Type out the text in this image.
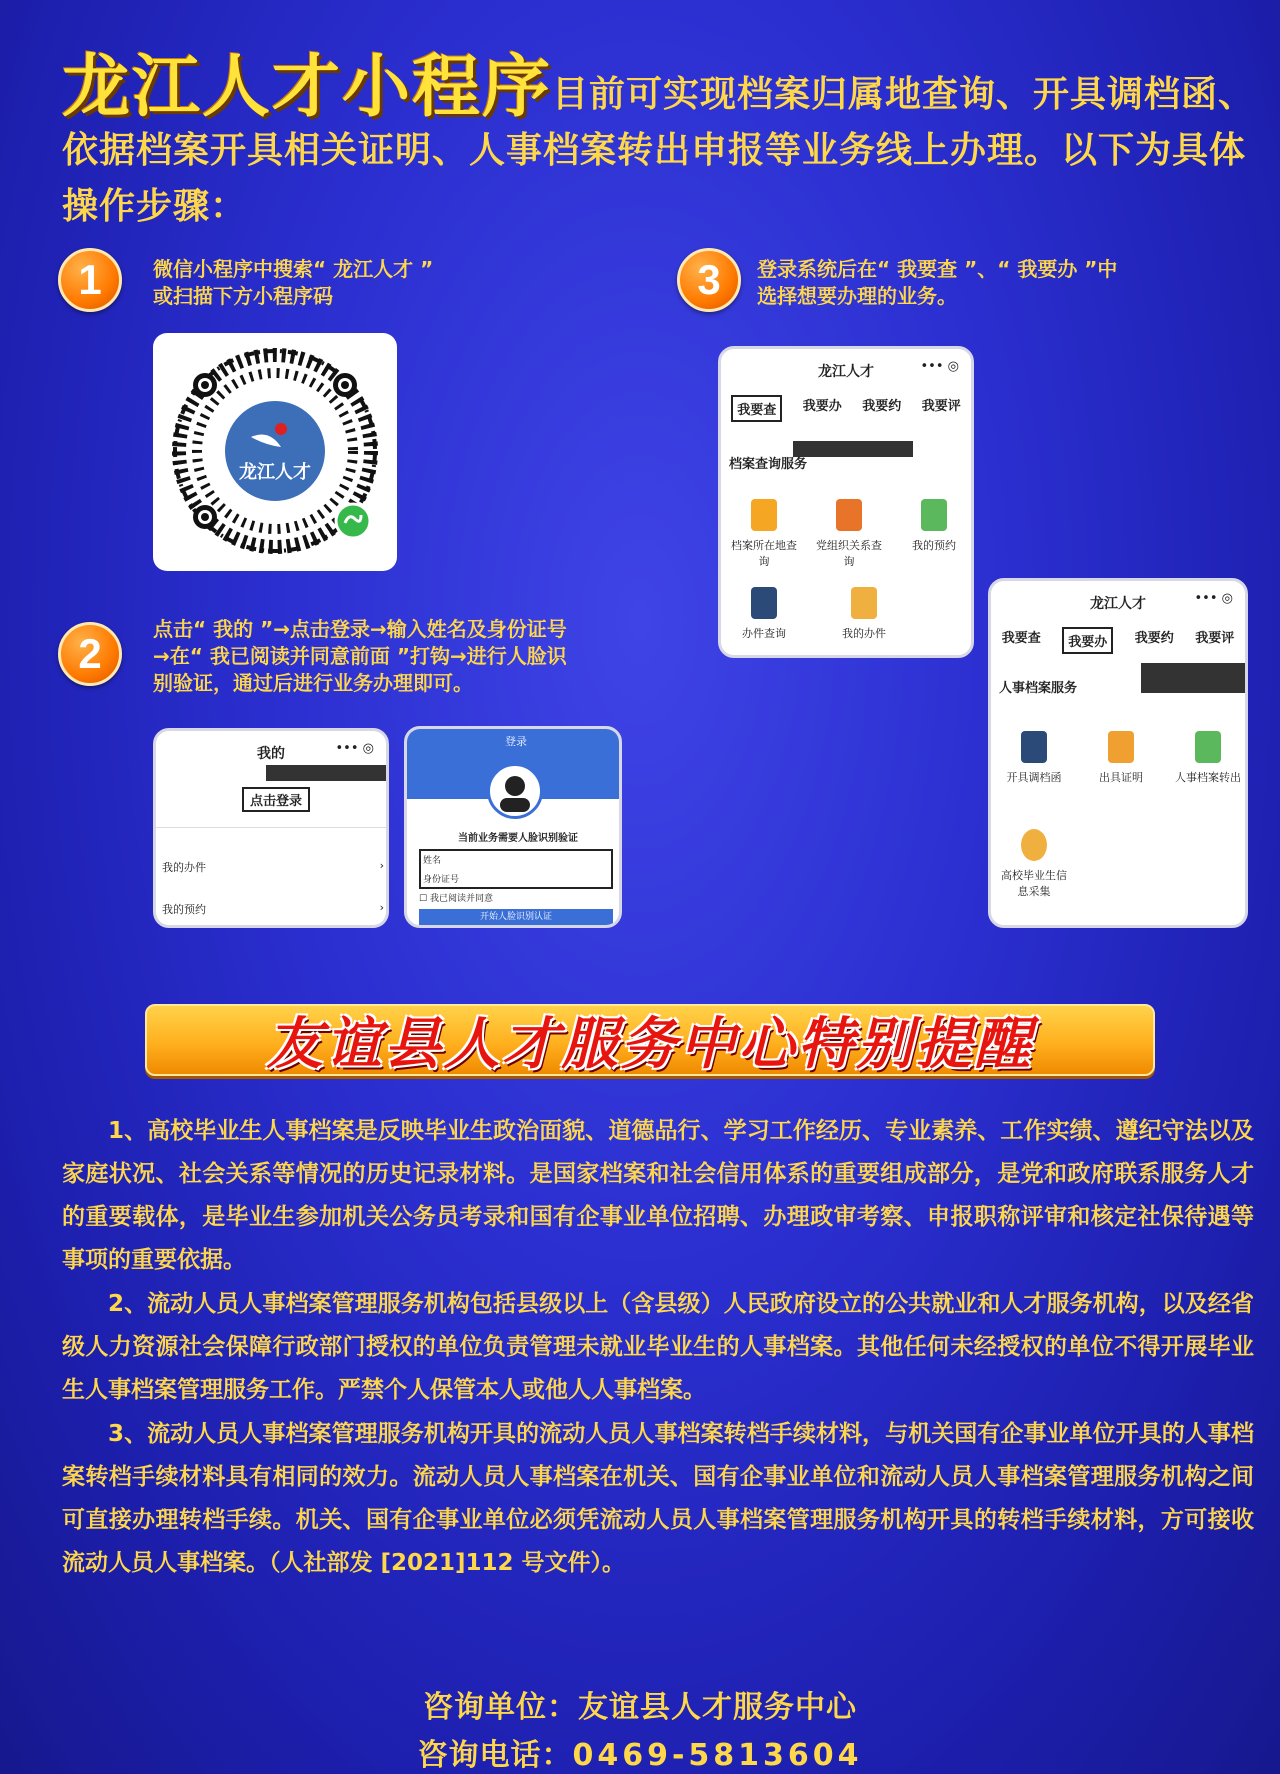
龙江人才小程序目前可实现档案归属地查询、开具调档函、依据档案开具相关证明、人事档案转出申报等业务线上办理。以下为具体操作步骤：
1	微信小程序中搜索“ 龙江人才 ”
或扫描下方小程序码
龙江人才
2
点击“ 我的 ”→点击登录→输入姓名及身份证号
→在“ 我已阅读并同意前面 ”打钩→进行人脸识
别验证，通过后进行业务办理即可。
我的	••• ◎
点击登录
我的办件	›
我的预约	›
登录
当前业务需要人脸识别验证
姓名
身份证号
☐ 我已阅读并同意
开始人脸识别认证
3	登录系统后在“ 我要查 ”、“ 我要办 ”中
选择想要办理的业务。
龙江人才	••• ◎
我要查	我要办 我要约 我要评
档案查询服务
档案所在地查询
党组织关系查询
我的预约
办件查询	我的办件
龙江人才	••• ◎
我要查	我要办	我要约 我要评
人事档案服务
开具调档函	出具证明	人事档案转出
高校毕业生信息采集
友谊县人才服务中心特别提醒

1、高校毕业生人事档案是反映毕业生政治面貌、道德品行、学习工作经历、专业素养、工作实绩、遵纪守法以及家庭状况、社会关系等情况的历史记录材料。是国家档案和社会信用体系的重要组成部分，是党和政府联系服务人才的重要载体，是毕业生参加机关公务员考录和国有企事业单位招聘、办理政审考察、申报职称评审和核定社保待遇等事项的重要依据。

2、流动人员人事档案管理服务机构包括县级以上（含县级）人民政府设立的公共就业和人才服务机构，以及经省级人力资源社会保障行政部门授权的单位负责管理未就业毕业生的人事档案。其他任何未经授权的单位不得开展毕业生人事档案管理服务工作。严禁个人保管本人或他人人事档案。

3、流动人员人事档案管理服务机构开具的流动人员人事档案转档手续材料，与机关国有企事业单位开具的人事档案转档手续材料具有相同的效力。流动人员人事档案在机关、国有企事业单位和流动人员人事档案管理服务机构之间可直接办理转档手续。机关、国有企事业单位必须凭流动人员人事档案管理服务机构开具的转档手续材料，方可接收流动人员人事档案。（人社部发 [2021]112 号文件）。

咨询单位：友谊县人才服务中心
咨询电话：0469-5813604
